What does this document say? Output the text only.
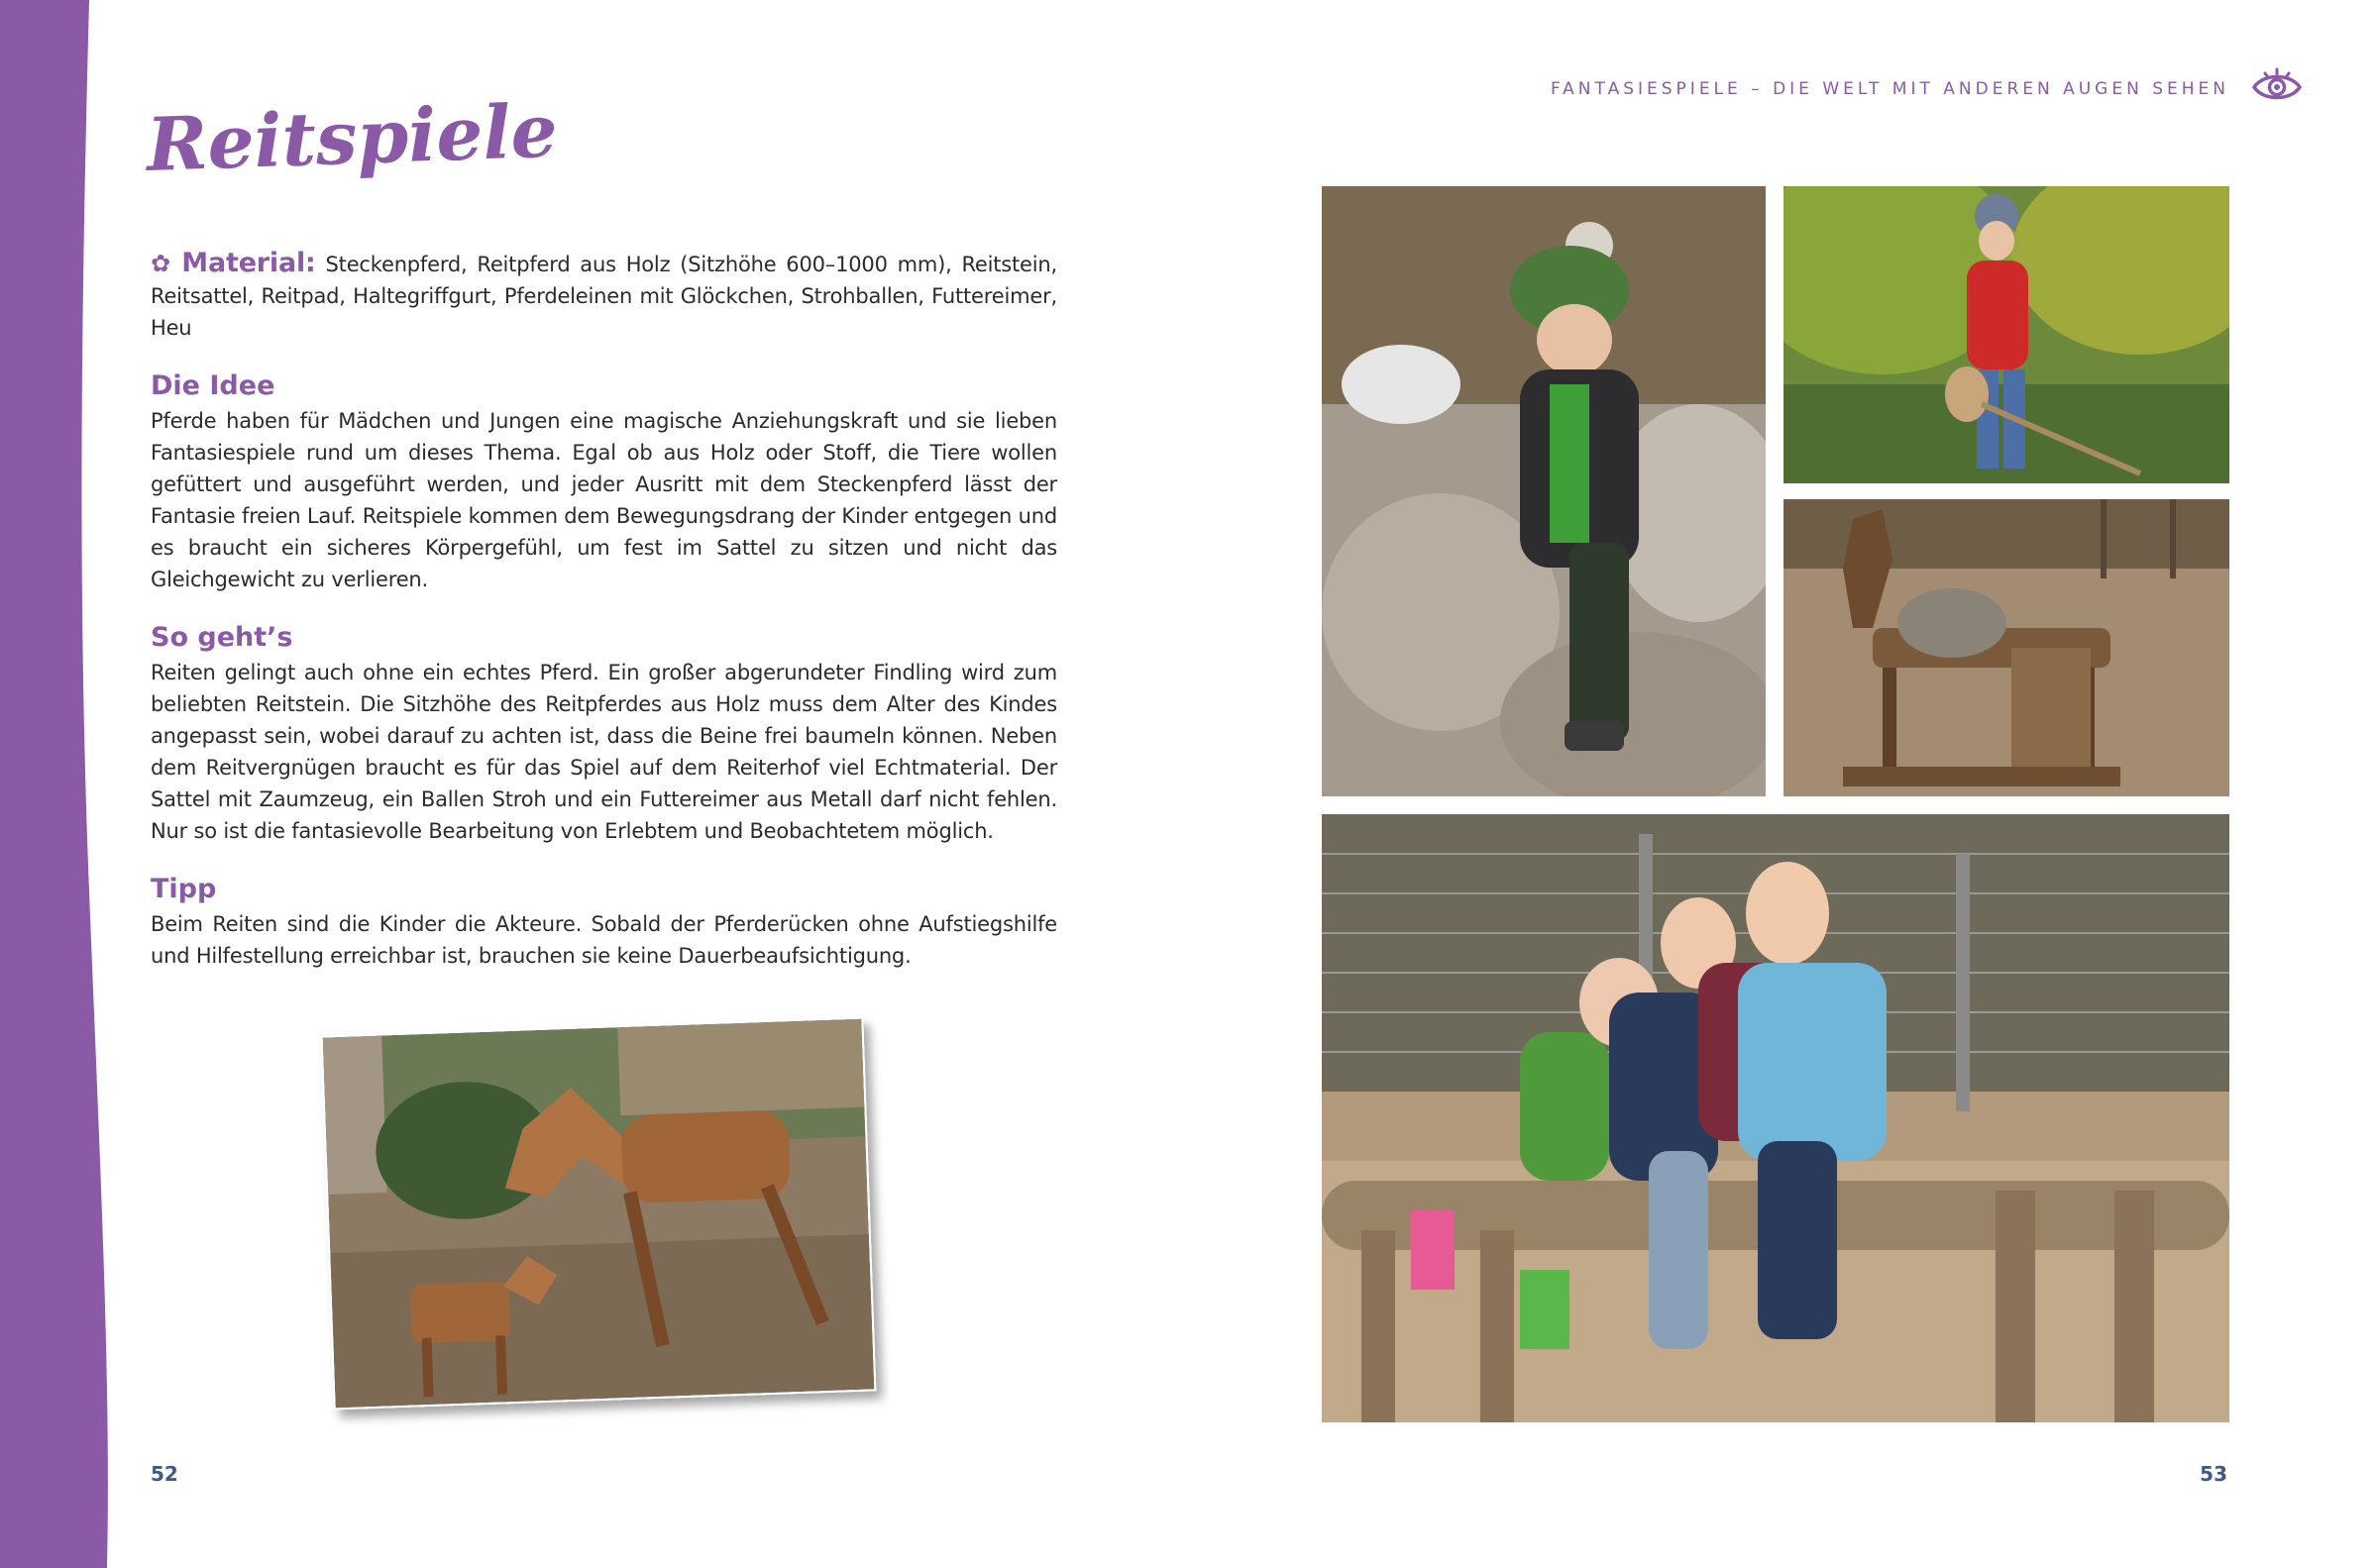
FANTASIESPIELE – DIE WELT MIT ANDEREN AUGEN SEHEN
Reitspiele

✿ Material: Steckenpferd, Reitpferd aus Holz (Sitzhöhe 600–1000 mm), Reitstein, Reitsattel, Reitpad, Haltegriffgurt, Pferdeleinen mit Glöckchen, Strohballen, Futtereimer, Heu

Die Idee

Pferde haben für Mädchen und Jungen eine magische Anziehungskraft und sie lieben Fantasiespiele rund um dieses Thema. Egal ob aus Holz oder Stoff, die Tiere wollen gefüttert und ausgeführt werden, und jeder Ausritt mit dem Steckenpferd lässt der Fantasie freien Lauf. Reitspiele kommen dem Bewegungsdrang der Kinder entgegen und es braucht ein sicheres Körpergefühl, um fest im Sattel zu sitzen und nicht das Gleichgewicht zu verlieren.

So geht’s

Reiten gelingt auch ohne ein echtes Pferd. Ein großer abgerundeter Findling wird zum beliebten Reitstein. Die Sitzhöhe des Reitpferdes aus Holz muss dem Alter des Kindes angepasst sein, wobei darauf zu achten ist, dass die Beine frei baumeln können. Neben dem Reitvergnügen braucht es für das Spiel auf dem Reiterhof viel Echtmaterial. Der Sattel mit Zaumzeug, ein Ballen Stroh und ein Futtereimer aus Metall darf nicht fehlen. Nur so ist die fantasievolle Bearbeitung von Erlebtem und Beobachtetem möglich.

Tipp

Beim Reiten sind die Kinder die Akteure. Sobald der Pferderücken ohne Aufstiegshilfe und Hilfestellung erreichbar ist, brauchen sie keine Dauerbeaufsichtigung.

52	53
